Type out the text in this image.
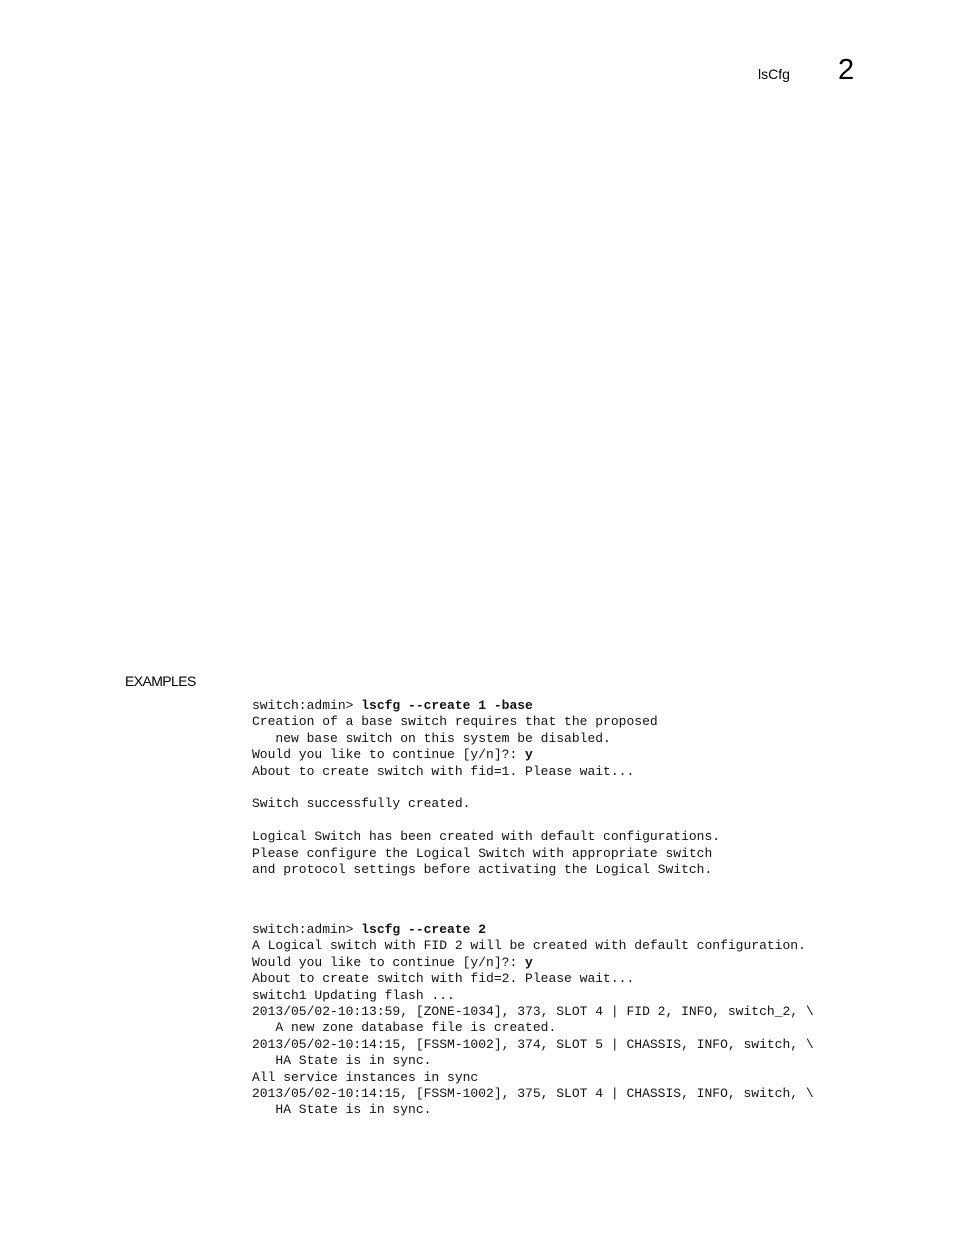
lsCfg 2
EXAMPLES
switch:admin> lscfg --create 1 -base
Creation of a base switch requires that the proposed
new base switch on this system be disabled.
Would you like to continue [y/n]?: y
About to create switch with fid=1. Please wait...
Switch successfully created.
Logical Switch has been created with default configurations.
Please configure the Logical Switch with appropriate switch
and protocol settings before activating the Logical Switch.
switch:admin> lscfg --create 2
A Logical switch with FID 2 will be created with default configuration.
Would you like to continue [y/n]?: y
About to create switch with fid=2. Please wait...
switch1 Updating flash ...
2013/05/02-10:13:59, [ZONE-1034], 373, SLOT 4 | FID 2, INFO, switch_2, \
A new zone database file is created.
2013/05/02-10:14:15, [FSSM-1002], 374, SLOT 5 | CHASSIS, INFO, switch, \
HA State is in sync.
All service instances in sync
2013/05/02-10:14:15, [FSSM-1002], 375, SLOT 4 | CHASSIS, INFO, switch, \
HA State is in sync.
